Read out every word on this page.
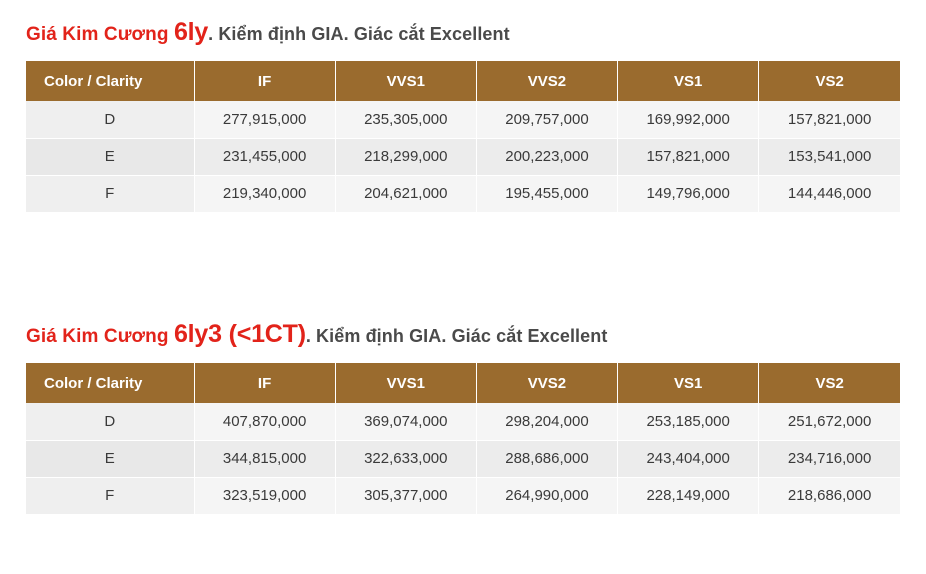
Giá Kim Cương 6ly. Kiểm định GIA. Giác cắt Excellent
Color / Clarity	IF	VVS1	VVS2	VS1	VS2
D	277,915,000	235,305,000	209,757,000	169,992,000	157,821,000
E	231,455,000	218,299,000	200,223,000	157,821,000	153,541,000
F	219,340,000	204,621,000	195,455,000	149,796,000	144,446,000
Giá Kim Cương 6ly3 (<1CT). Kiểm định GIA. Giác cắt Excellent
Color / Clarity	IF	VVS1	VVS2	VS1	VS2
D	407,870,000	369,074,000	298,204,000	253,185,000	251,672,000
E	344,815,000	322,633,000	288,686,000	243,404,000	234,716,000
F	323,519,000	305,377,000	264,990,000	228,149,000	218,686,000
